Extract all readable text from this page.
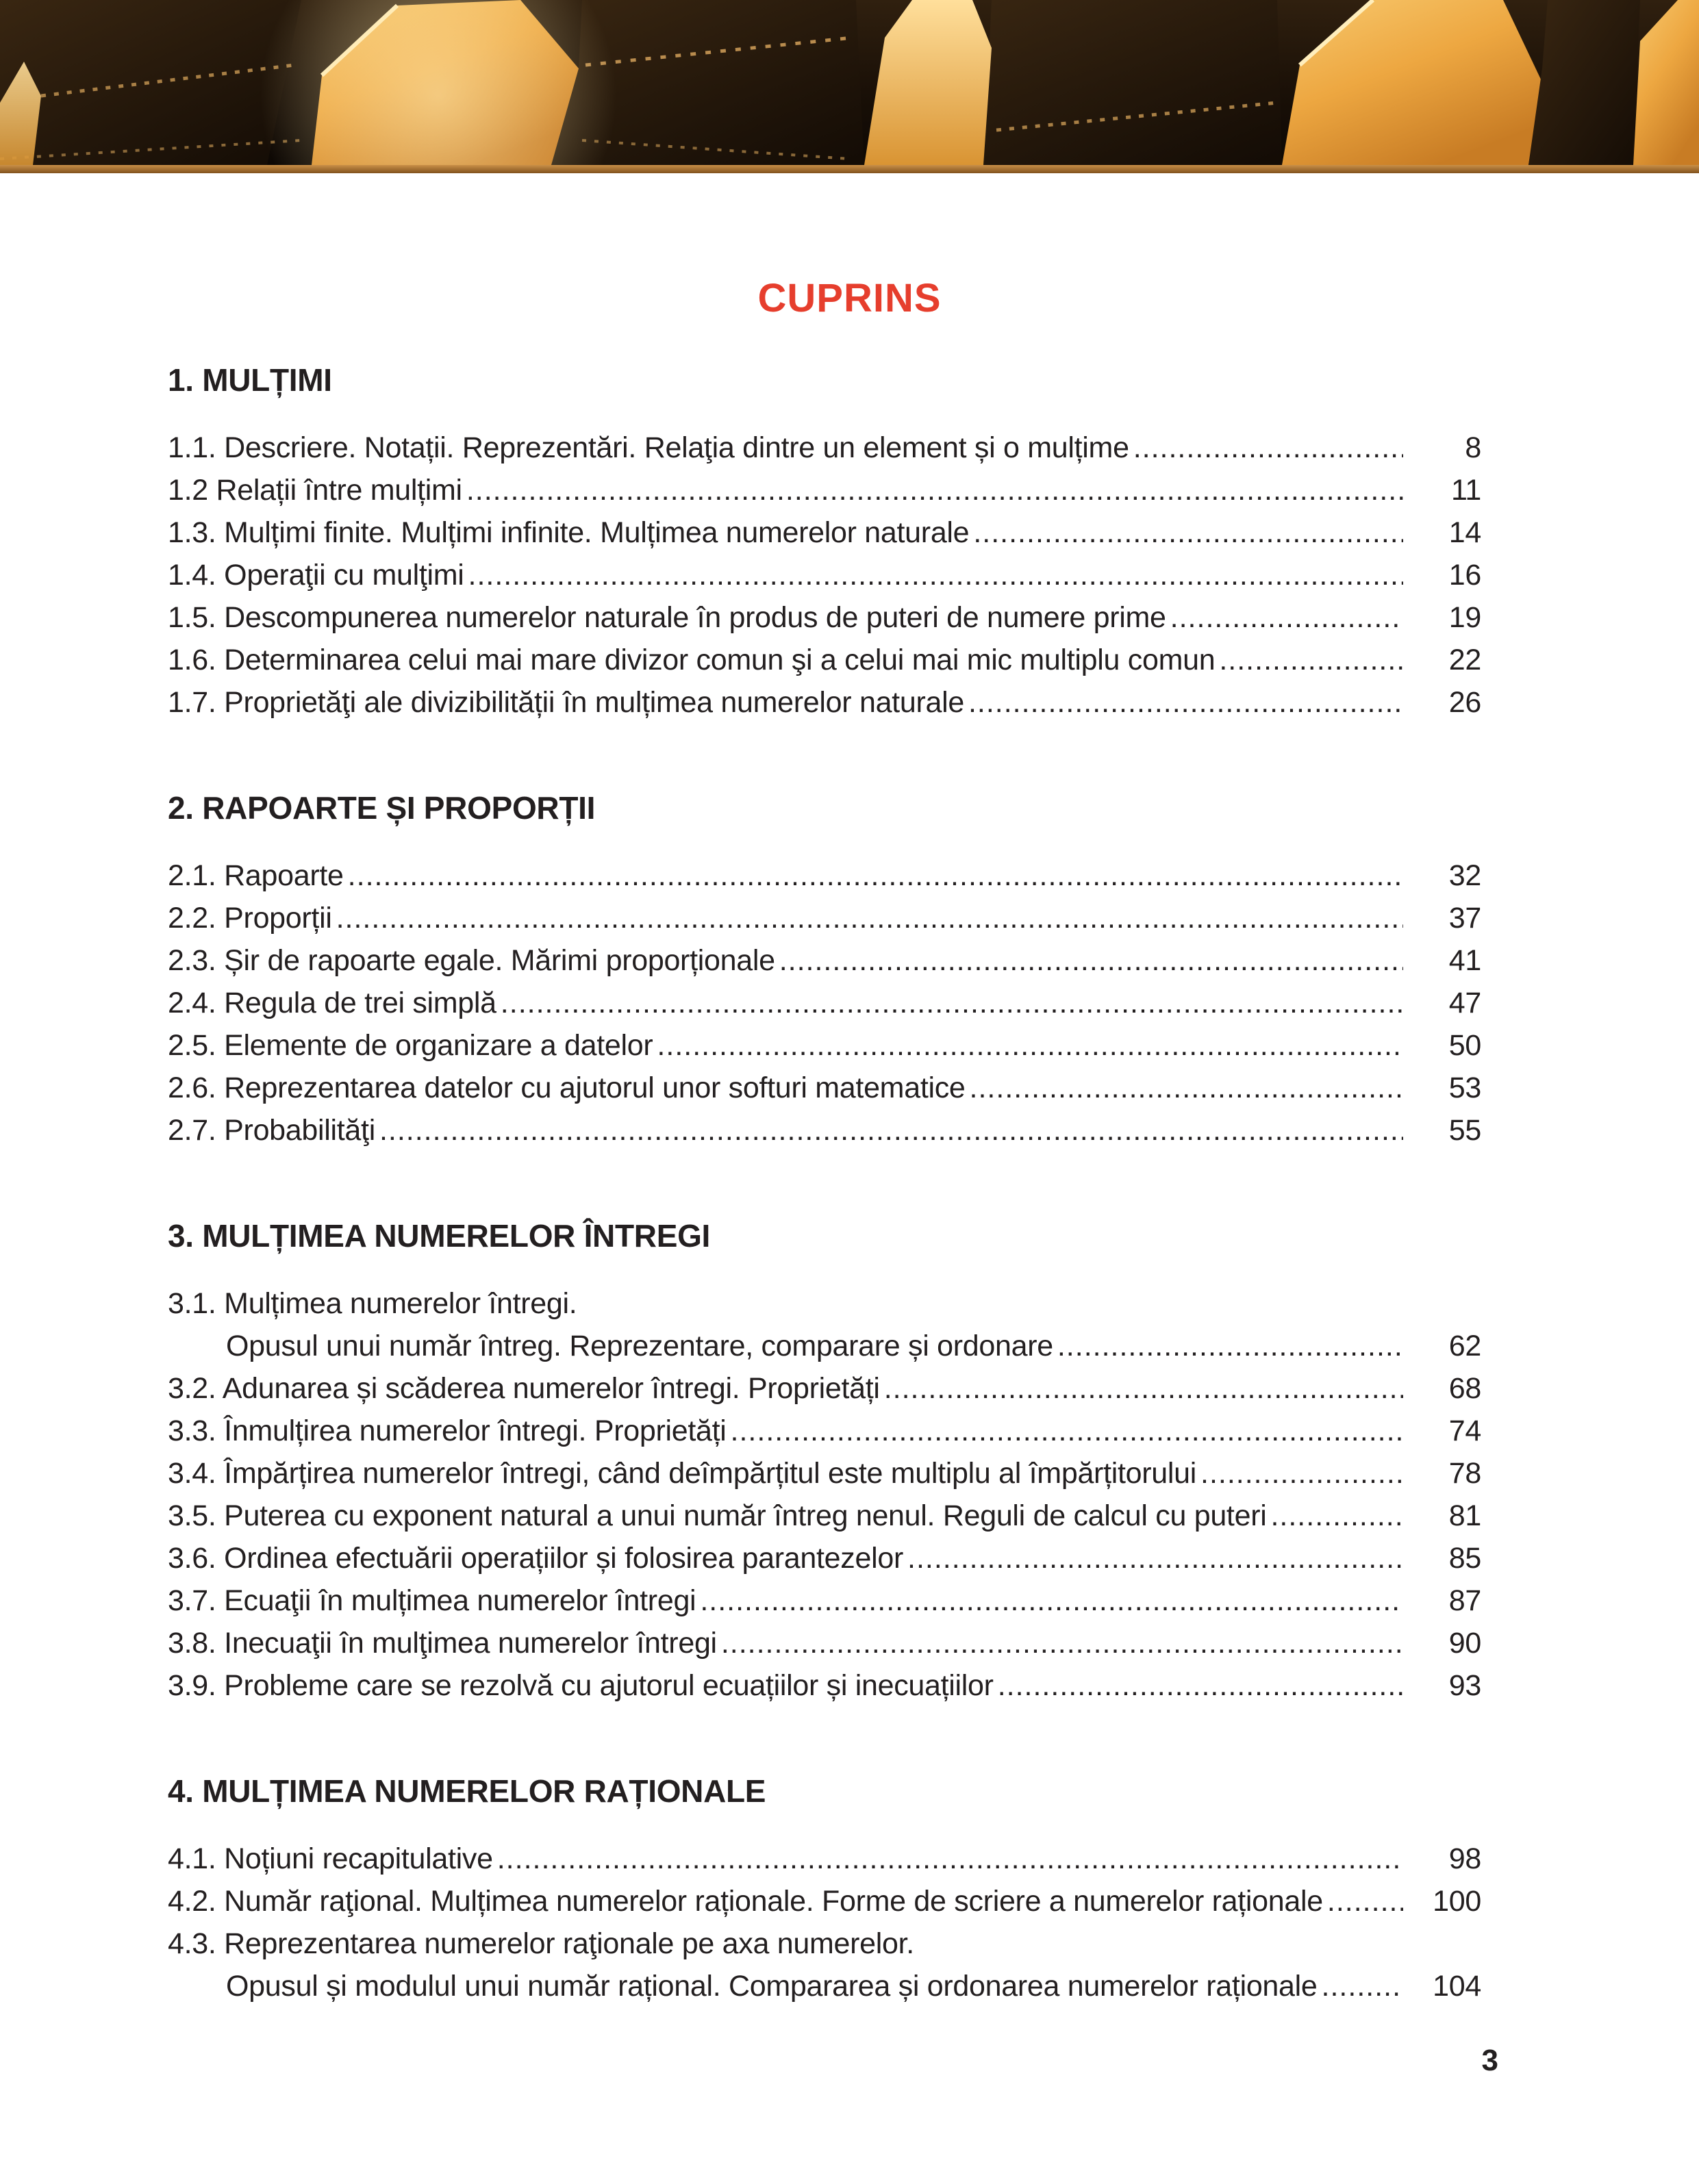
CUPRINS
1. MULȚIMI
1.1. Descriere. Notații. Reprezentări. Relaţia dintre un element și o mulțime .....	8
1.2 Relații între mulțimi .....	11
1.3. Mulțimi finite. Mulțimi infinite. Mulțimea numerelor naturale .....	14
1.4. Operaţii cu mulţimi .....	16
1.5. Descompunerea numerelor naturale în produs de puteri de numere prime .....	19
1.6. Determinarea celui mai mare divizor comun şi a celui mai mic multiplu comun .....	22
1.7. Proprietăţi ale divizibilității în mulțimea numerelor naturale .....	26
2. RAPOARTE ȘI PROPORȚII
2.1. Rapoarte .....	32
2.2. Proporții .....	37
2.3. Șir de rapoarte egale. Mărimi proporționale .....	41
2.4. Regula de trei simplă .....	47
2.5. Elemente de organizare a datelor .....	50
2.6. Reprezentarea datelor cu ajutorul unor softuri matematice .....	53
2.7. Probabilităţi .....	55
3. MULȚIMEA NUMERELOR ÎNTREGI
3.1. Mulțimea numerelor întregi.
Opusul unui număr întreg. Reprezentare, comparare și ordonare .....	62
3.2. Adunarea și scăderea numerelor întregi. Proprietăți .....	68
3.3. Înmulțirea numerelor întregi. Proprietăți .....	74
3.4. Împărțirea numerelor întregi, când deîmpărțitul este multiplu al împărțitorului .....	78
3.5. Puterea cu exponent natural a unui număr întreg nenul. Reguli de calcul cu puteri .....	81
3.6. Ordinea efectuării operațiilor și folosirea parantezelor .....	85
3.7. Ecuaţii în mulțimea numerelor întregi .....	87
3.8. Inecuaţii în mulţimea numerelor întregi .....	90
3.9. Probleme care se rezolvă cu ajutorul ecuațiilor și inecuațiilor .....	93
4. MULȚIMEA NUMERELOR RAȚIONALE
4.1. Noțiuni recapitulative .....	98
4.2. Număr raţional. Mulțimea numerelor raționale. Forme de scriere a numerelor raționale .....	100
4.3. Reprezentarea numerelor raţionale pe axa numerelor.
Opusul și modulul unui număr rațional. Compararea și ordonarea numerelor raționale .....	104
3
